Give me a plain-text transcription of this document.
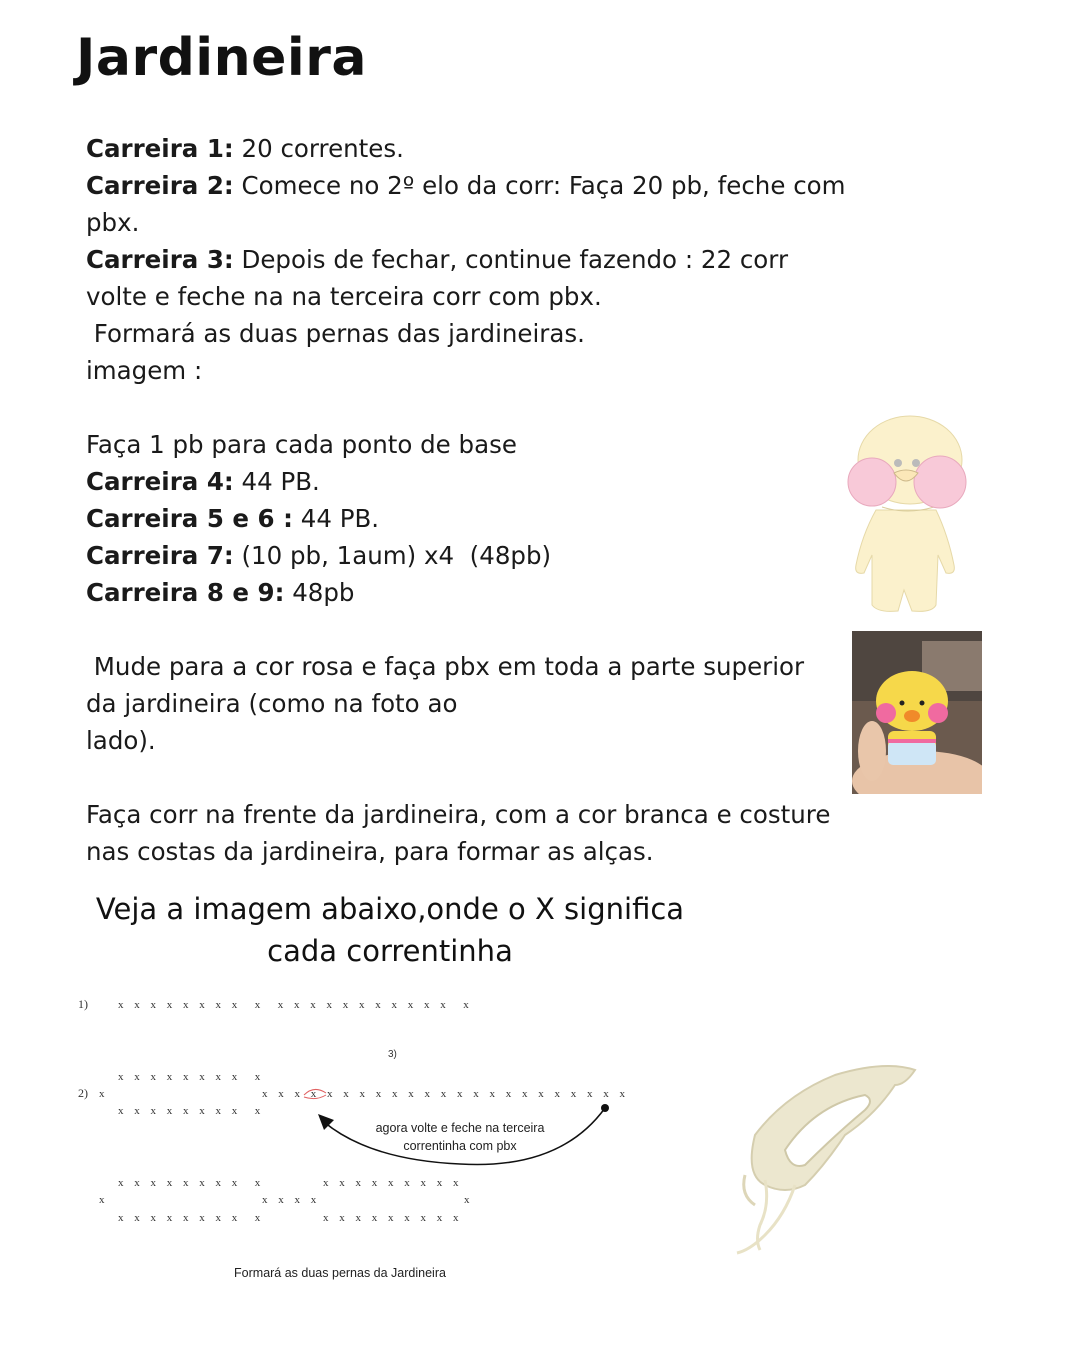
Jardineira

Carreira 1: 20 correntes.

Carreira 2: Comece no 2º elo da corr: Faça 20 pb, feche com

pbx.

Carreira 3: Depois de fechar, continue fazendo : 22 corr

volte e feche na na terceira corr com pbx.

Formará as duas pernas das jardineiras.

imagem :

Faça 1 pb para cada ponto de base

Carreira 4: 44 PB.

Carreira 5 e 6 : 44 PB.

Carreira 7: (10 pb, 1aum) x4  (48pb)

Carreira 8 e 9: 48pb

Mude para a cor rosa e faça pbx em toda a parte superior

da jardineira (como na foto ao

lado).

Faça corr na frente da jardineira, com a cor branca e costure

nas costas da jardineira, para formar as alças.

Veja a imagem abaixo,onde o X significa
cada correntinha
1)	x x x x x x x x  x  x x x x x x x x x x x  x
3)
x x x x x x x x  x
2) x	x x x x x x x x x x x x x x x x x x x x x x x
x x x x x x x x  x
agora volte e feche na terceira
correntinha com pbx
x x x x x x x x  x	x x x x x x x x x
x	x x x x	x
x x x x x x x x  x	x x x x x x x x x
Formará as duas pernas da Jardineira
